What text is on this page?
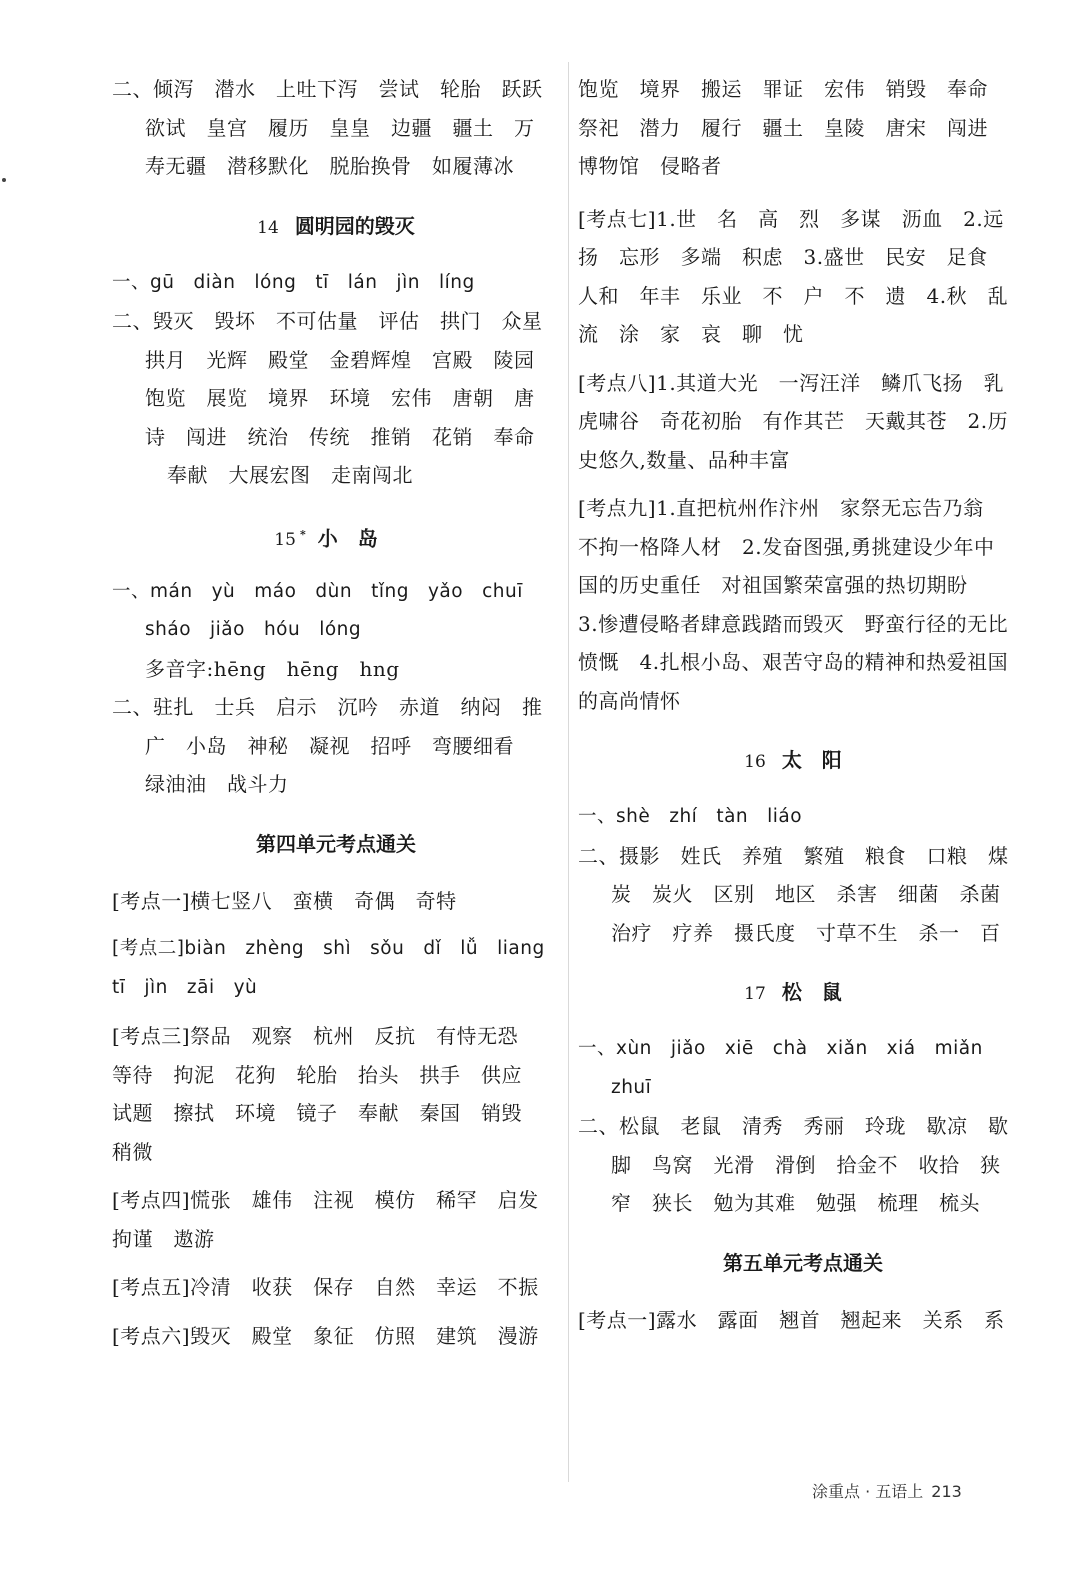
二、倾泻　潜水　上吐下泻　尝试　轮胎　跃跃
欲试　皇宫　履历　皇皇　边疆　疆土　万
寿无疆　潜移默化　脱胎换骨　如履薄冰
14 圆明园的毁灭
一、gū　diàn　lóng　tī　lán　jìn　líng
二、毁灭　毁坏　不可估量　评估　拱门　众星
拱月　光辉　殿堂　金碧辉煌　宫殿　陵园
饱览　展览　境界　环境　宏伟　唐朝　唐
诗　闯进　统治　传统　推销　花销　奉命
奉献　大展宏图　走南闯北
15 * 小岛
一、mán　yù　máo　dùn　tǐng　yǎo　chuī
sháo　jiǎo　hóu　lóng
多音字:hēng　hēng　hng
二、驻扎　士兵　启示　沉吟　赤道　纳闷　推
广　小岛　神秘　凝视　招呼　弯腰细看
绿油油　战斗力
第四单元考点通关
[考点一]横七竖八　蛮横　奇偶　奇特
[考点二]biàn　zhèng　shì　sǒu　dǐ　lǚ　liang
tī　jìn　zāi　yù
[考点三]祭品　观察　杭州　反抗　有恃无恐
等待　拘泥　花狗　轮胎　抬头　拱手　供应
试题　擦拭　环境　镜子　奉献　秦国　销毁
稍微
[考点四]慌张　雄伟　注视　模仿　稀罕　启发
拘谨　遨游
[考点五]冷清　收获　保存　自然　幸运　不振
[考点六]毁灭　殿堂　象征　仿照　建筑　漫游
饱览　境界　搬运　罪证　宏伟　销毁　奉命
祭祀　潜力　履行　疆土　皇陵　唐宋　闯进
博物馆　侵略者
[考点七]1.世　名　高　烈　多谋　沥血　2.远
扬　忘形　多端　积虑　3.盛世　民安　足食
人和　年丰　乐业　不　户　不　遗　4.秋　乱
流　涂　家　哀　聊　忧
[考点八]1.其道大光　一泻汪洋　鳞爪飞扬　乳
虎啸谷　奇花初胎　有作其芒　天戴其苍　2.历
史悠久,数量、品种丰富
[考点九]1.直把杭州作汴州　家祭无忘告乃翁
不拘一格降人材　2.发奋图强,勇挑建设少年中
国的历史重任　对祖国繁荣富强的热切期盼
3.惨遭侵略者肆意践踏而毁灭　野蛮行径的无比
愤慨　4.扎根小岛、艰苦守岛的精神和热爱祖国
的高尚情怀
16 太阳
一、shè　zhí　tàn　liáo
二、摄影　姓氏　养殖　繁殖　粮食　口粮　煤
炭　炭火　区别　地区　杀害　细菌　杀菌
治疗　疗养　摄氏度　寸草不生　杀一　百
17 松鼠
一、xùn　jiǎo　xiē　chà　xiǎn　xiá　miǎn
zhuī
二、松鼠　老鼠　清秀　秀丽　玲珑　歇凉　歇
脚　鸟窝　光滑　滑倒　拾金不　收拾　狭
窄　狭长　勉为其难　勉强　梳理　梳头
第五单元考点通关
[考点一]露水　露面　翘首　翘起来　关系　系
涂重点 · 五语上 213
